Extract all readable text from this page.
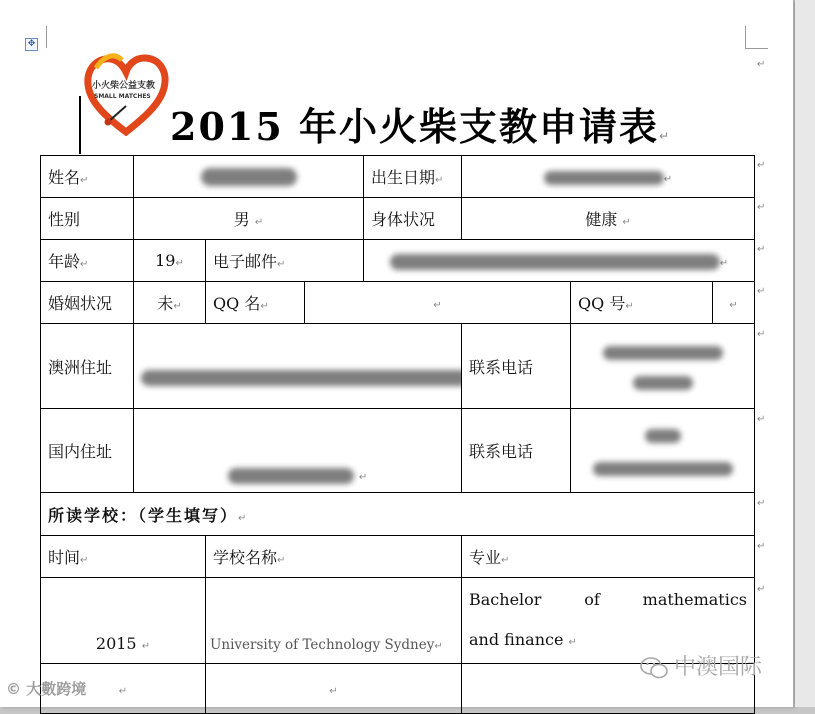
✥
小火柴公益支教
SMALL MATCHES
2015 年小火柴支教申请表↵
↵
姓名↵				出生日期↵	↵		
性别	男 ↵			身体状况	健康 ↵		
年龄↵	19↵	电子邮件↵		↵			
婚姻状况	未↵	QQ 名↵	↵			QQ 号↵	↵
澳洲住址					联系电话		

国内住址	↵				联系电话		

所读学校：（学生填写）↵							
时间↵		学校名称↵			专业↵		
2015 ↵		University of Technology Sydney↵			Bachelor of mathematics
and finance ↵		

↵		↵					
↵
↵
↵
↵
↵
↵
↵
↵
↵
© 大數跨境
中澳国际
